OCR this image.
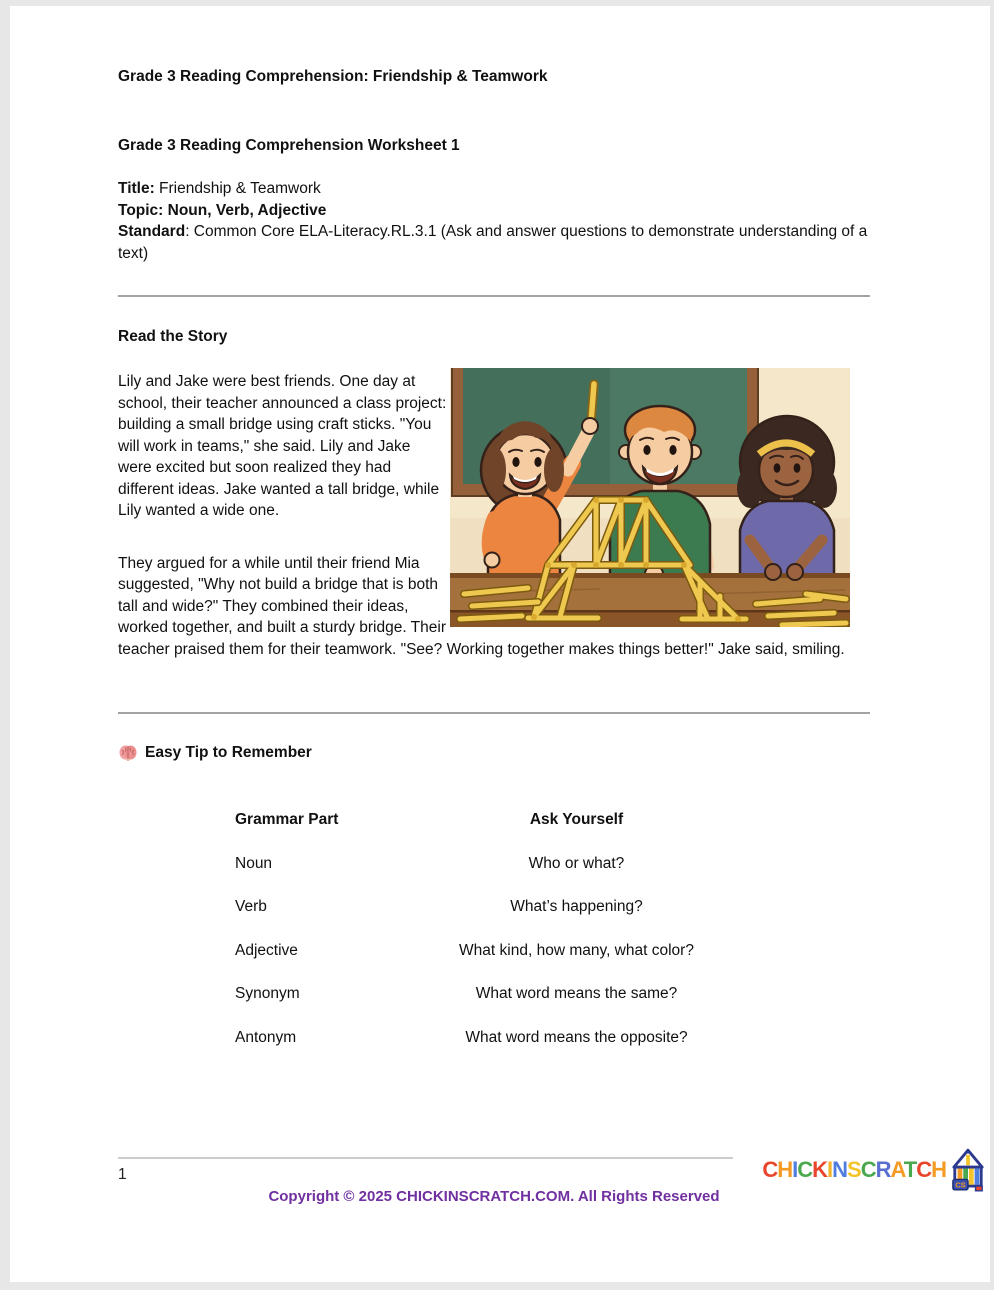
Grade 3 Reading Comprehension: Friendship & Teamwork
Grade 3 Reading Comprehension Worksheet 1
Title: Friendship & Teamwork
Topic: Noun, Verb, Adjective
Standard: Common Core ELA-Literacy.RL.3.1 (Ask and answer questions to demonstrate understanding of a text)
Read the Story

Lily and Jake were best friends. One day at school, their teacher announced a class project: building a small bridge using craft sticks. "You will work in teams," she said. Lily and Jake were excited but soon realized they had different ideas. Jake wanted a tall bridge, while Lily wanted a wide one.

They argued for a while until their friend Mia suggested, "Why not build a bridge that is both tall and wide?" They combined their ideas, worked together, and built a sturdy bridge. Their teacher praised them for their teamwork. "See? Working together makes things better!" Jake said, smiling.

Easy Tip to Remember
Grammar Part	Ask Yourself
Noun	Who or what?
Verb	What’s happening?
Adjective	What kind, how many, what color?
Synonym	What word means the same?
Antonym	What word means the opposite?
1	CHICKINSCRATCH
CS
Copyright © 2025 CHICKINSCRATCH.COM. All Rights Reserved
